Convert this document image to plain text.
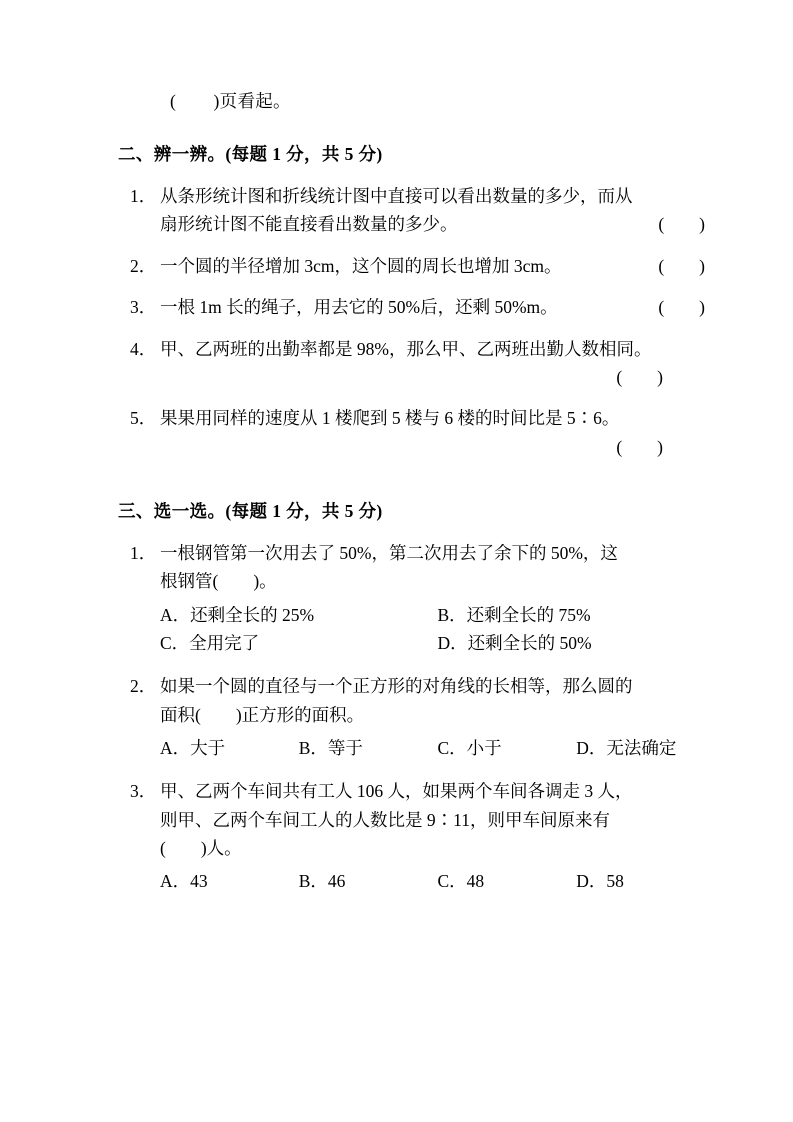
(        )页看起。
二、辨一辨。(每题 1 分，共 5 分)
1． 从条形统计图和折线统计图中直接可以看出数量的多少，而从
扇形统计图不能直接看出数量的多少。	(        )
2． 一个圆的半径增加 3cm，这个圆的周长也增加 3cm。	(        )
3． 一根 1m 长的绳子，用去它的 50%后，还剩 50%m。	(        )
4． 甲、乙两班的出勤率都是 98%，那么甲、乙两班出勤人数相同。
(        )
5． 果果用同样的速度从 1 楼爬到 5 楼与 6 楼的时间比是 5∶6。
(        )
三、选一选。(每题 1 分，共 5 分)
1． 一根钢管第一次用去了 50%，第二次用去了余下的 50%，这
根钢管(        )。
A．还剩全长的 25%	B．还剩全长的 75%
C．全用完了	D．还剩全长的 50%
2． 如果一个圆的直径与一个正方形的对角线的长相等，那么圆的
面积(        )正方形的面积。
A．大于	B．等于	C．小于	D．无法确定
3． 甲、乙两个车间共有工人 106 人，如果两个车间各调走 3 人，
则甲、乙两个车间工人的人数比是 9∶11，则甲车间原来有
(        )人。
A．43	B．46	C．48	D．58
